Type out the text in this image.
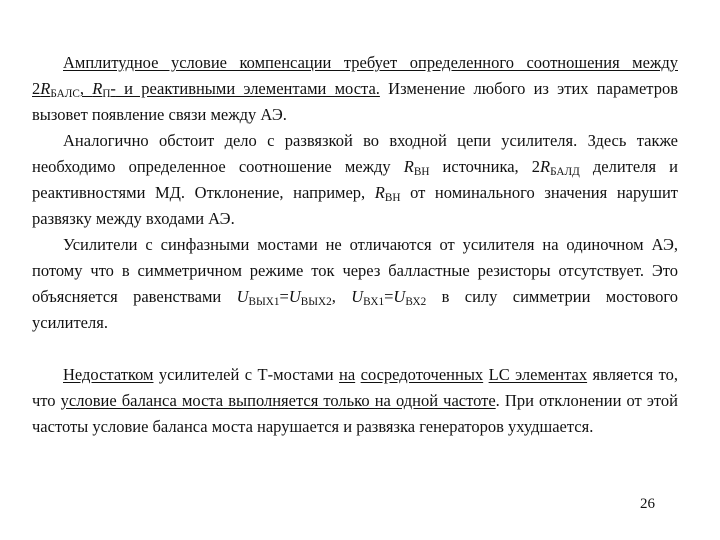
Амплитудное условие компенсации требует определенного соотношения между $2R_{БАЛС}$, $R_П-$ и реактивными элементами моста. Изменение любого из этих параметров вызовет появление связи между АЭ.

Аналогично обстоит дело с развязкой во входной цепи усилителя. Здесь также необходимо определенное соотношение между $R_{ВН}$ источника, $2R_{БАЛД}$ делителя и реактивностями МД. Отклонение, например, $R_{ВН}$ от номинального значения нарушит развязку между входами АЭ.

Усилители с синфазными мостами не отличаются от усилителя на одиночном АЭ, потому что в симметричном режиме ток через балластные резисторы отсутствует. Это объясняется равенствами $U_{ВЫХ1}=U_{ВЫХ2}$, $U_{ВХ1}=U_{ВХ2}$ в силу симметрии мостового усилителя.

Недостатком усилителей с Т-мостами на сосредоточенных LC элементах является то, что условие баланса моста выполняется только на одной частоте. При отклонении от этой частоты условие баланса моста нарушается и развязка генераторов ухудшается.

26
